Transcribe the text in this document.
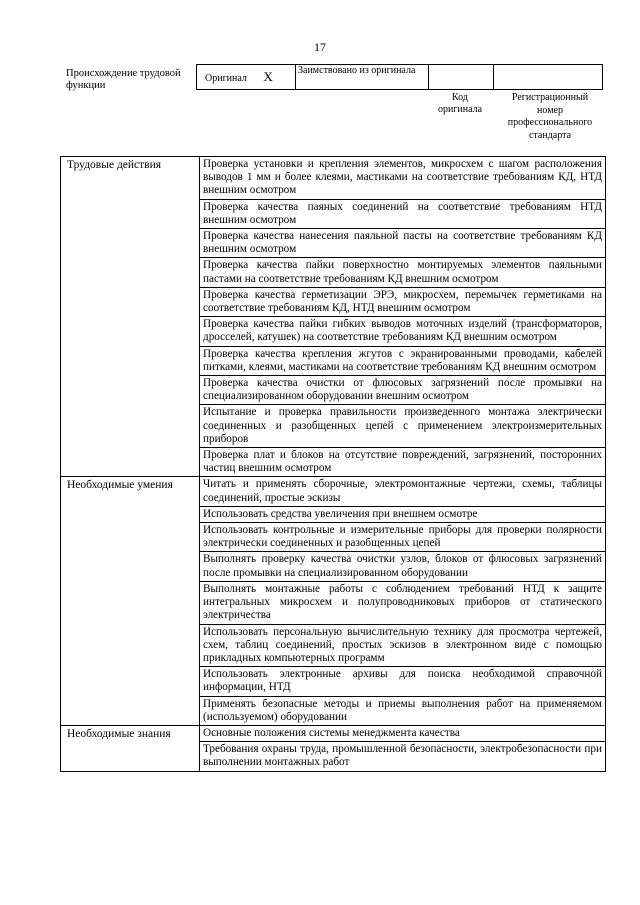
17
Происхождение трудовой функции
Оригинал X	Заимствовано из оригинала		
Код оригинала
Регистрационный номер профессионального стандарта
Трудовые действия	Проверка установки и крепления элементов, микросхем с шагом расположения выводов 1 мм и более клеями, мастиками на соответствие требованиям КД, НТД внешним осмотром
	Проверка качества паяных соединений на соответствие требованиям НТД внешним осмотром
	Проверка качества нанесения паяльной пасты на соответствие требованиям КД внешним осмотром
	Проверка качества пайки поверхностно монтируемых элементов паяльными пастами на соответствие требованиям КД внешним осмотром
	Проверка качества герметизации ЭРЭ, микросхем, перемычек герметиками на соответствие требованиям КД, НТД внешним осмотром
	Проверка качества пайки гибких выводов моточных изделий (трансформаторов, дросселей, катушек) на соответствие требованиям КД внешним осмотром
	Проверка качества крепления жгутов с экранированными проводами, кабелей питками, клеями, мастиками на соответствие требованиям КД внешним осмотром
	Проверка качества очистки от флюсовых загрязнений после промывки на специализированном оборудовании внешним осмотром
	Испытание и проверка правильности произведенного монтажа электрически соединенных и разобщенных цепей с применением электроизмерительных приборов
	Проверка плат и блоков на отсутствие повреждений, загрязнений, посторонних частиц внешним осмотром
Необходимые умения	Читать и применять сборочные, электромонтажные чертежи, схемы, таблицы соединений, простые эскизы
	Использовать средства увеличения при внешнем осмотре
	Использовать контрольные и измерительные приборы для проверки полярности электрически соединенных и разобщенных цепей
	Выполнять проверку качества очистки узлов, блоков от флюсовых загрязнений после промывки на специализированном оборудовании
	Выполнять монтажные работы с соблюдением требований НТД к защите интегральных микросхем и полупроводниковых приборов от статического электричества
	Использовать персональную вычислительную технику для просмотра чертежей, схем, таблиц соединений, простых эскизов в электронном виде с помощью прикладных компьютерных программ
	Использовать электронные архивы для поиска необходимой справочной информации, НТД
	Применять безопасные методы и приемы выполнения работ на применяемом (используемом) оборудовании
Необходимые знания	Основные положения системы менеджмента качества
	Требования охраны труда, промышленной безопасности, электробезопасности при выполнении монтажных работ
